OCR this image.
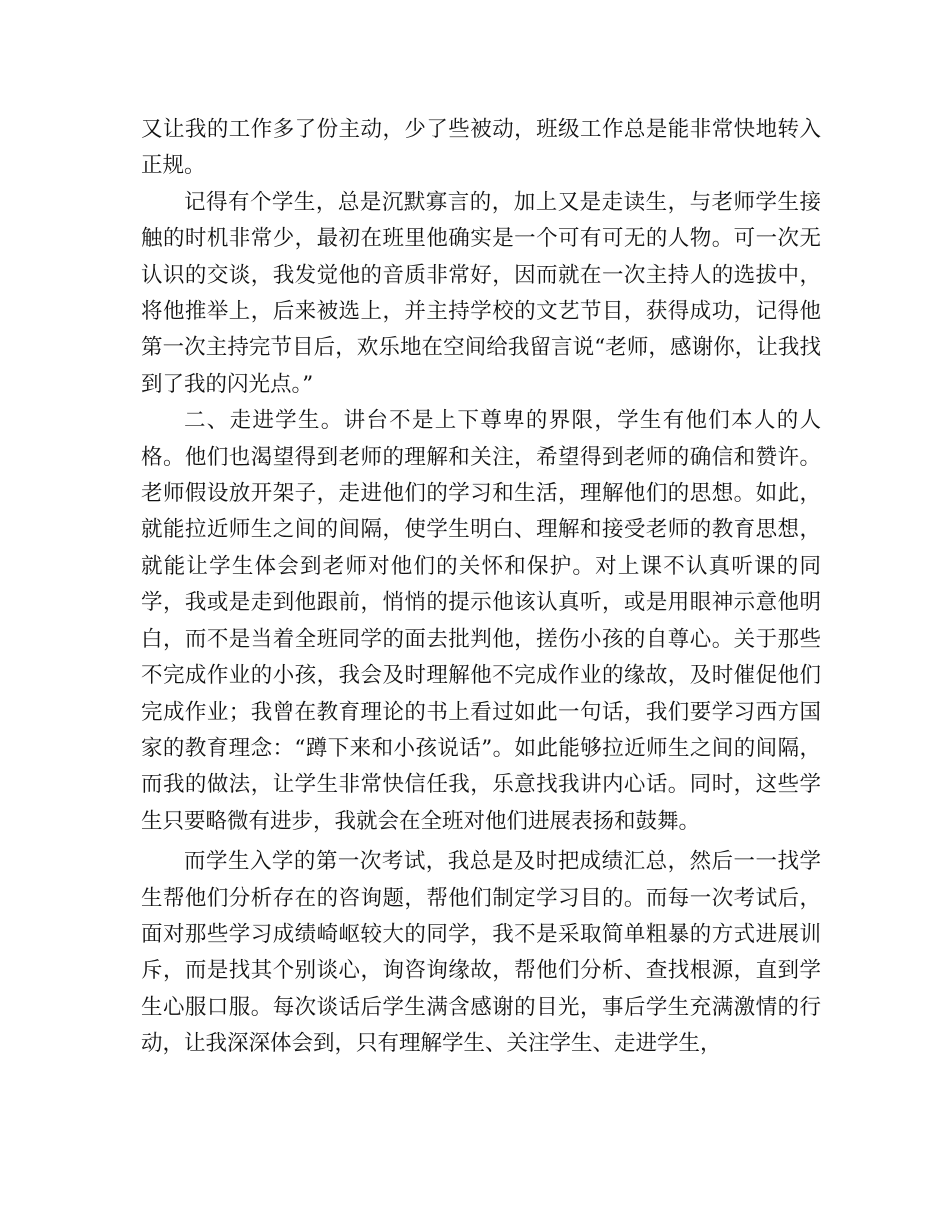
又让我的工作多了份主动，少了些被动，班级工作总是能非常快地转入正规。

记得有个学生，总是沉默寡言的，加上又是走读生，与老师学生接触的时机非常少，最初在班里他确实是一个可有可无的人物。可一次无认识的交谈，我发觉他的音质非常好，因而就在一次主持人的选拔中，将他推举上，后来被选上，并主持学校的文艺节目，获得成功，记得他第一次主持完节目后，欢乐地在空间给我留言说“老师，感谢你，让我找到了我的闪光点。”

二、走进学生。讲台不是上下尊卑的界限，学生有他们本人的人格。他们也渴望得到老师的理解和关注，希望得到老师的确信和赞许。老师假设放开架子，走进他们的学习和生活，理解他们的思想。如此，就能拉近师生之间的间隔，使学生明白、理解和接受老师的教育思想，就能让学生体会到老师对他们的关怀和保护。对上课不认真听课的同学，我或是走到他跟前，悄悄的提示他该认真听，或是用眼神示意他明白，而不是当着全班同学的面去批判他，搓伤小孩的自尊心。关于那些不完成作业的小孩，我会及时理解他不完成作业的缘故，及时催促他们完成作业；我曾在教育理论的书上看过如此一句话，我们要学习西方国家的教育理念：“蹲下来和小孩说话”。如此能够拉近师生之间的间隔，而我的做法，让学生非常快信任我，乐意找我讲内心话。同时，这些学生只要略微有进步，我就会在全班对他们进展表扬和鼓舞。

而学生入学的第一次考试，我总是及时把成绩汇总，然后一一找学生帮他们分析存在的咨询题，帮他们制定学习目的。而每一次考试后，面对那些学习成绩崎岖较大的同学，我不是采取简单粗暴的方式进展训斥，而是找其个别谈心，询咨询缘故，帮他们分析、查找根源，直到学生心服口服。每次谈话后学生满含感谢的目光，事后学生充满激情的行动，让我深深体会到，只有理解学生、关注学生、走进学生，
